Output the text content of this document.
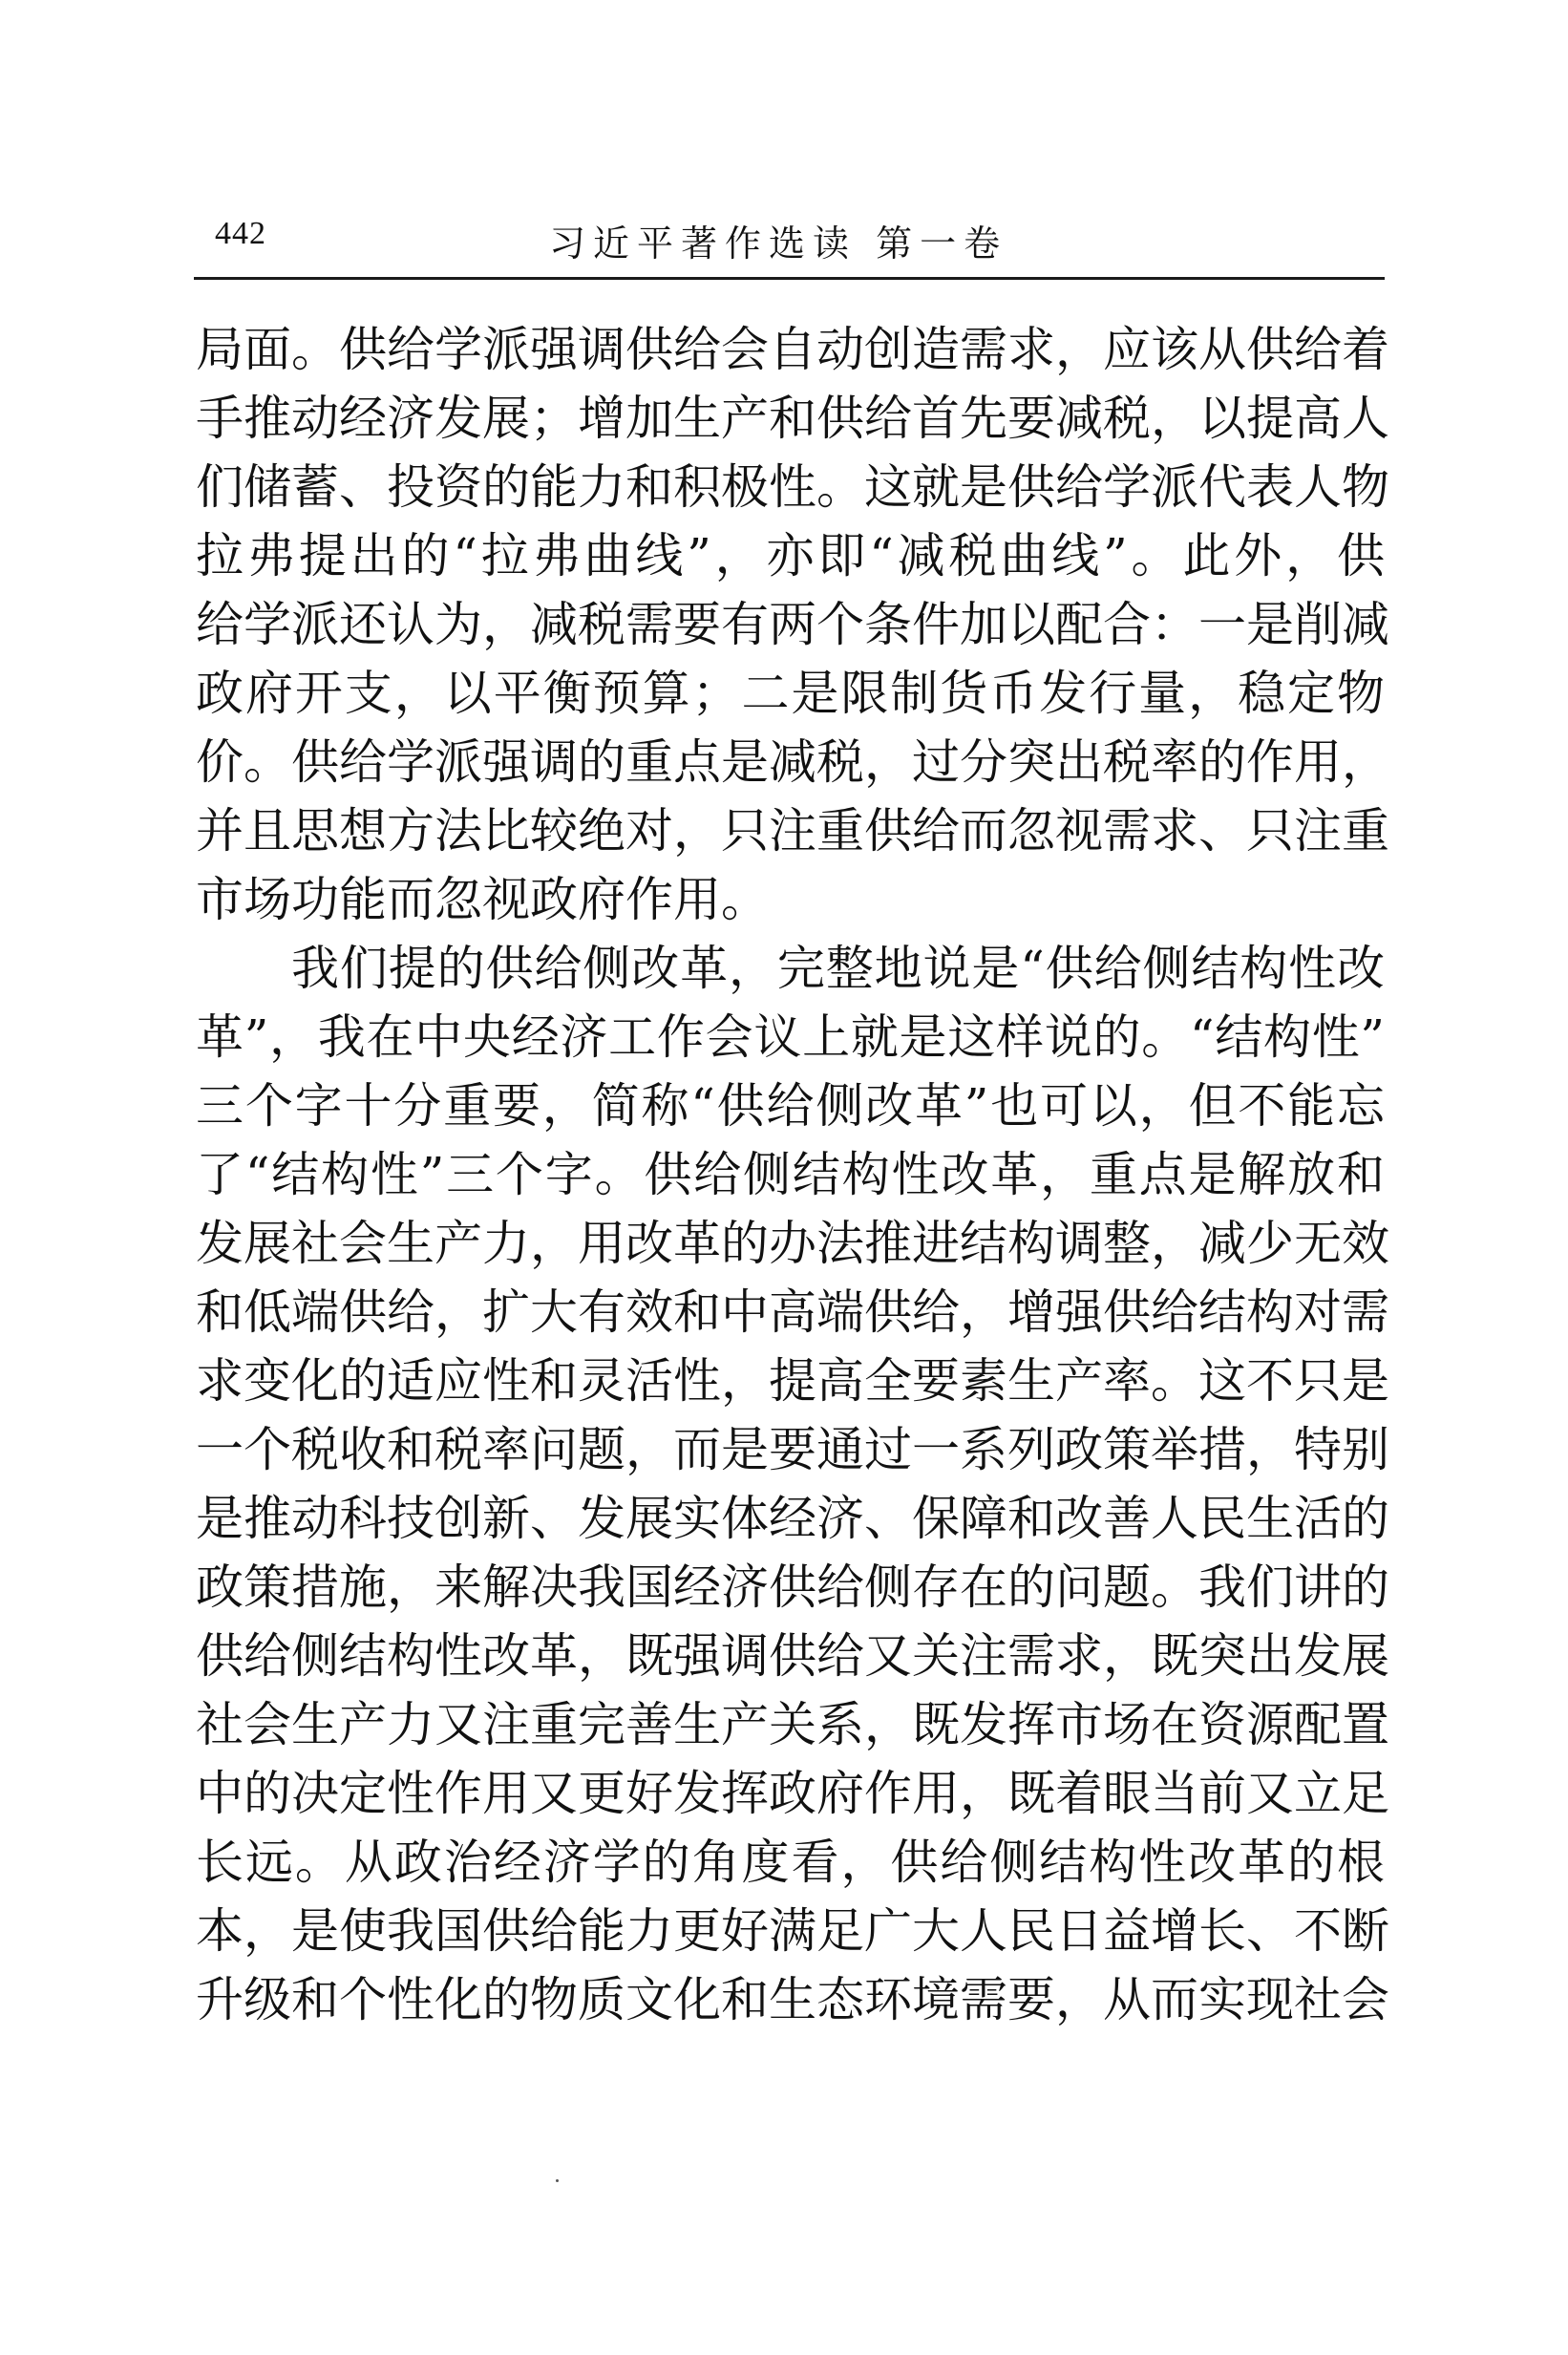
442	习近平著作选读 第一卷
局面。供给学派强调供给会自动创造需求，应该从供给着
手推动经济发展；增加生产和供给首先要减税，以提高人
们储蓄、投资的能力和积极性。这就是供给学派代表人物
拉弗提出的“拉弗曲线”，亦即“减税曲线”。此外，供
给学派还认为，减税需要有两个条件加以配合：一是削减
政府开支，以平衡预算；二是限制货币发行量，稳定物
价。供给学派强调的重点是减税，过分突出税率的作用，
并且思想方法比较绝对，只注重供给而忽视需求、只注重
市场功能而忽视政府作用。
我们提的供给侧改革，完整地说是“供给侧结构性改
革”，我在中央经济工作会议上就是这样说的。“结构性”
三个字十分重要，简称“供给侧改革”也可以，但不能忘
了“结构性”三个字。供给侧结构性改革，重点是解放和
发展社会生产力，用改革的办法推进结构调整，减少无效
和低端供给，扩大有效和中高端供给，增强供给结构对需
求变化的适应性和灵活性，提高全要素生产率。这不只是
一个税收和税率问题，而是要通过一系列政策举措，特别
是推动科技创新、发展实体经济、保障和改善人民生活的
政策措施，来解决我国经济供给侧存在的问题。我们讲的
供给侧结构性改革，既强调供给又关注需求，既突出发展
社会生产力又注重完善生产关系，既发挥市场在资源配置
中的决定性作用又更好发挥政府作用，既着眼当前又立足
长远。从政治经济学的角度看，供给侧结构性改革的根
本，是使我国供给能力更好满足广大人民日益增长、不断
升级和个性化的物质文化和生态环境需要，从而实现社会
